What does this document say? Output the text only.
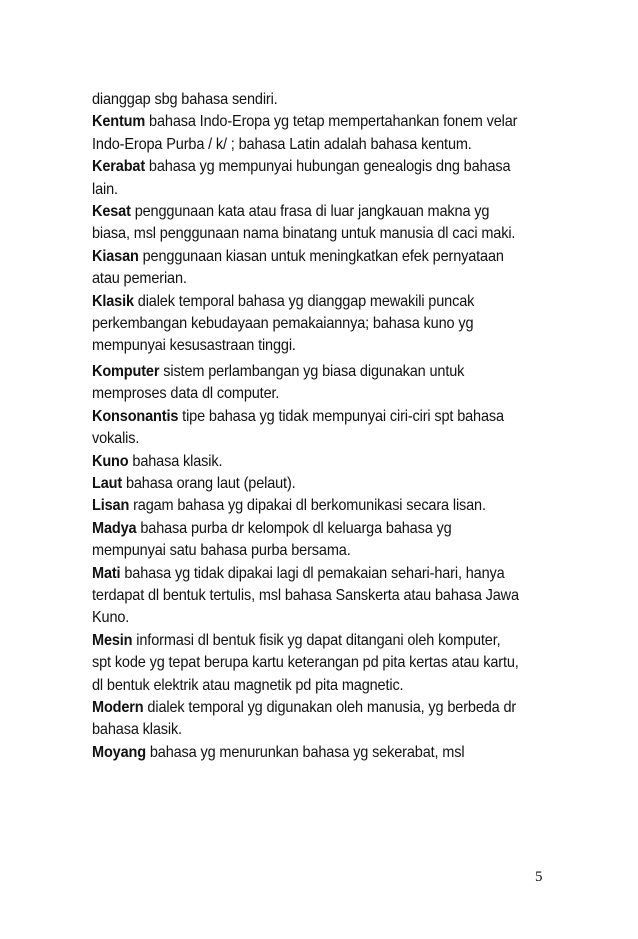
dianggap sbg bahasa sendiri.

Kentum bahasa Indo-Eropa yg tetap mempertahankan fonem velar Indo-Eropa Purba / k/ ; bahasa Latin adalah bahasa kentum.

Kerabat bahasa yg mempunyai hubungan genealogis dng bahasa lain.

Kesat penggunaan kata atau frasa di luar jangkauan makna yg biasa, msl penggunaan nama binatang untuk manusia dl caci maki.

Kiasan penggunaan kiasan untuk meningkatkan efek pernyataan atau pemerian.

Klasik dialek temporal bahasa yg dianggap mewakili puncak perkembangan kebudayaan pemakaiannya; bahasa kuno yg mempunyai kesusastraan tinggi.

Komputer sistem perlambangan yg biasa digunakan untuk memproses data dl computer.

Konsonantis tipe bahasa yg tidak mempunyai ciri-ciri spt bahasa vokalis.

Kuno bahasa klasik.

Laut bahasa orang laut (pelaut).

Lisan ragam bahasa yg dipakai dl berkomunikasi secara lisan.

Madya bahasa purba dr kelompok dl keluarga bahasa yg mempunyai satu bahasa purba bersama.

Mati bahasa yg tidak dipakai lagi dl pemakaian sehari-hari, hanya terdapat dl bentuk tertulis, msl bahasa Sanskerta atau bahasa Jawa Kuno.

Mesin informasi dl bentuk fisik yg dapat ditangani oleh komputer, spt kode yg tepat berupa kartu keterangan pd pita kertas atau kartu, dl bentuk elektrik atau magnetik pd pita magnetic.

Modern dialek temporal yg digunakan oleh manusia, yg berbeda dr bahasa klasik.

Moyang bahasa yg menurunkan bahasa yg sekerabat, msl

5
